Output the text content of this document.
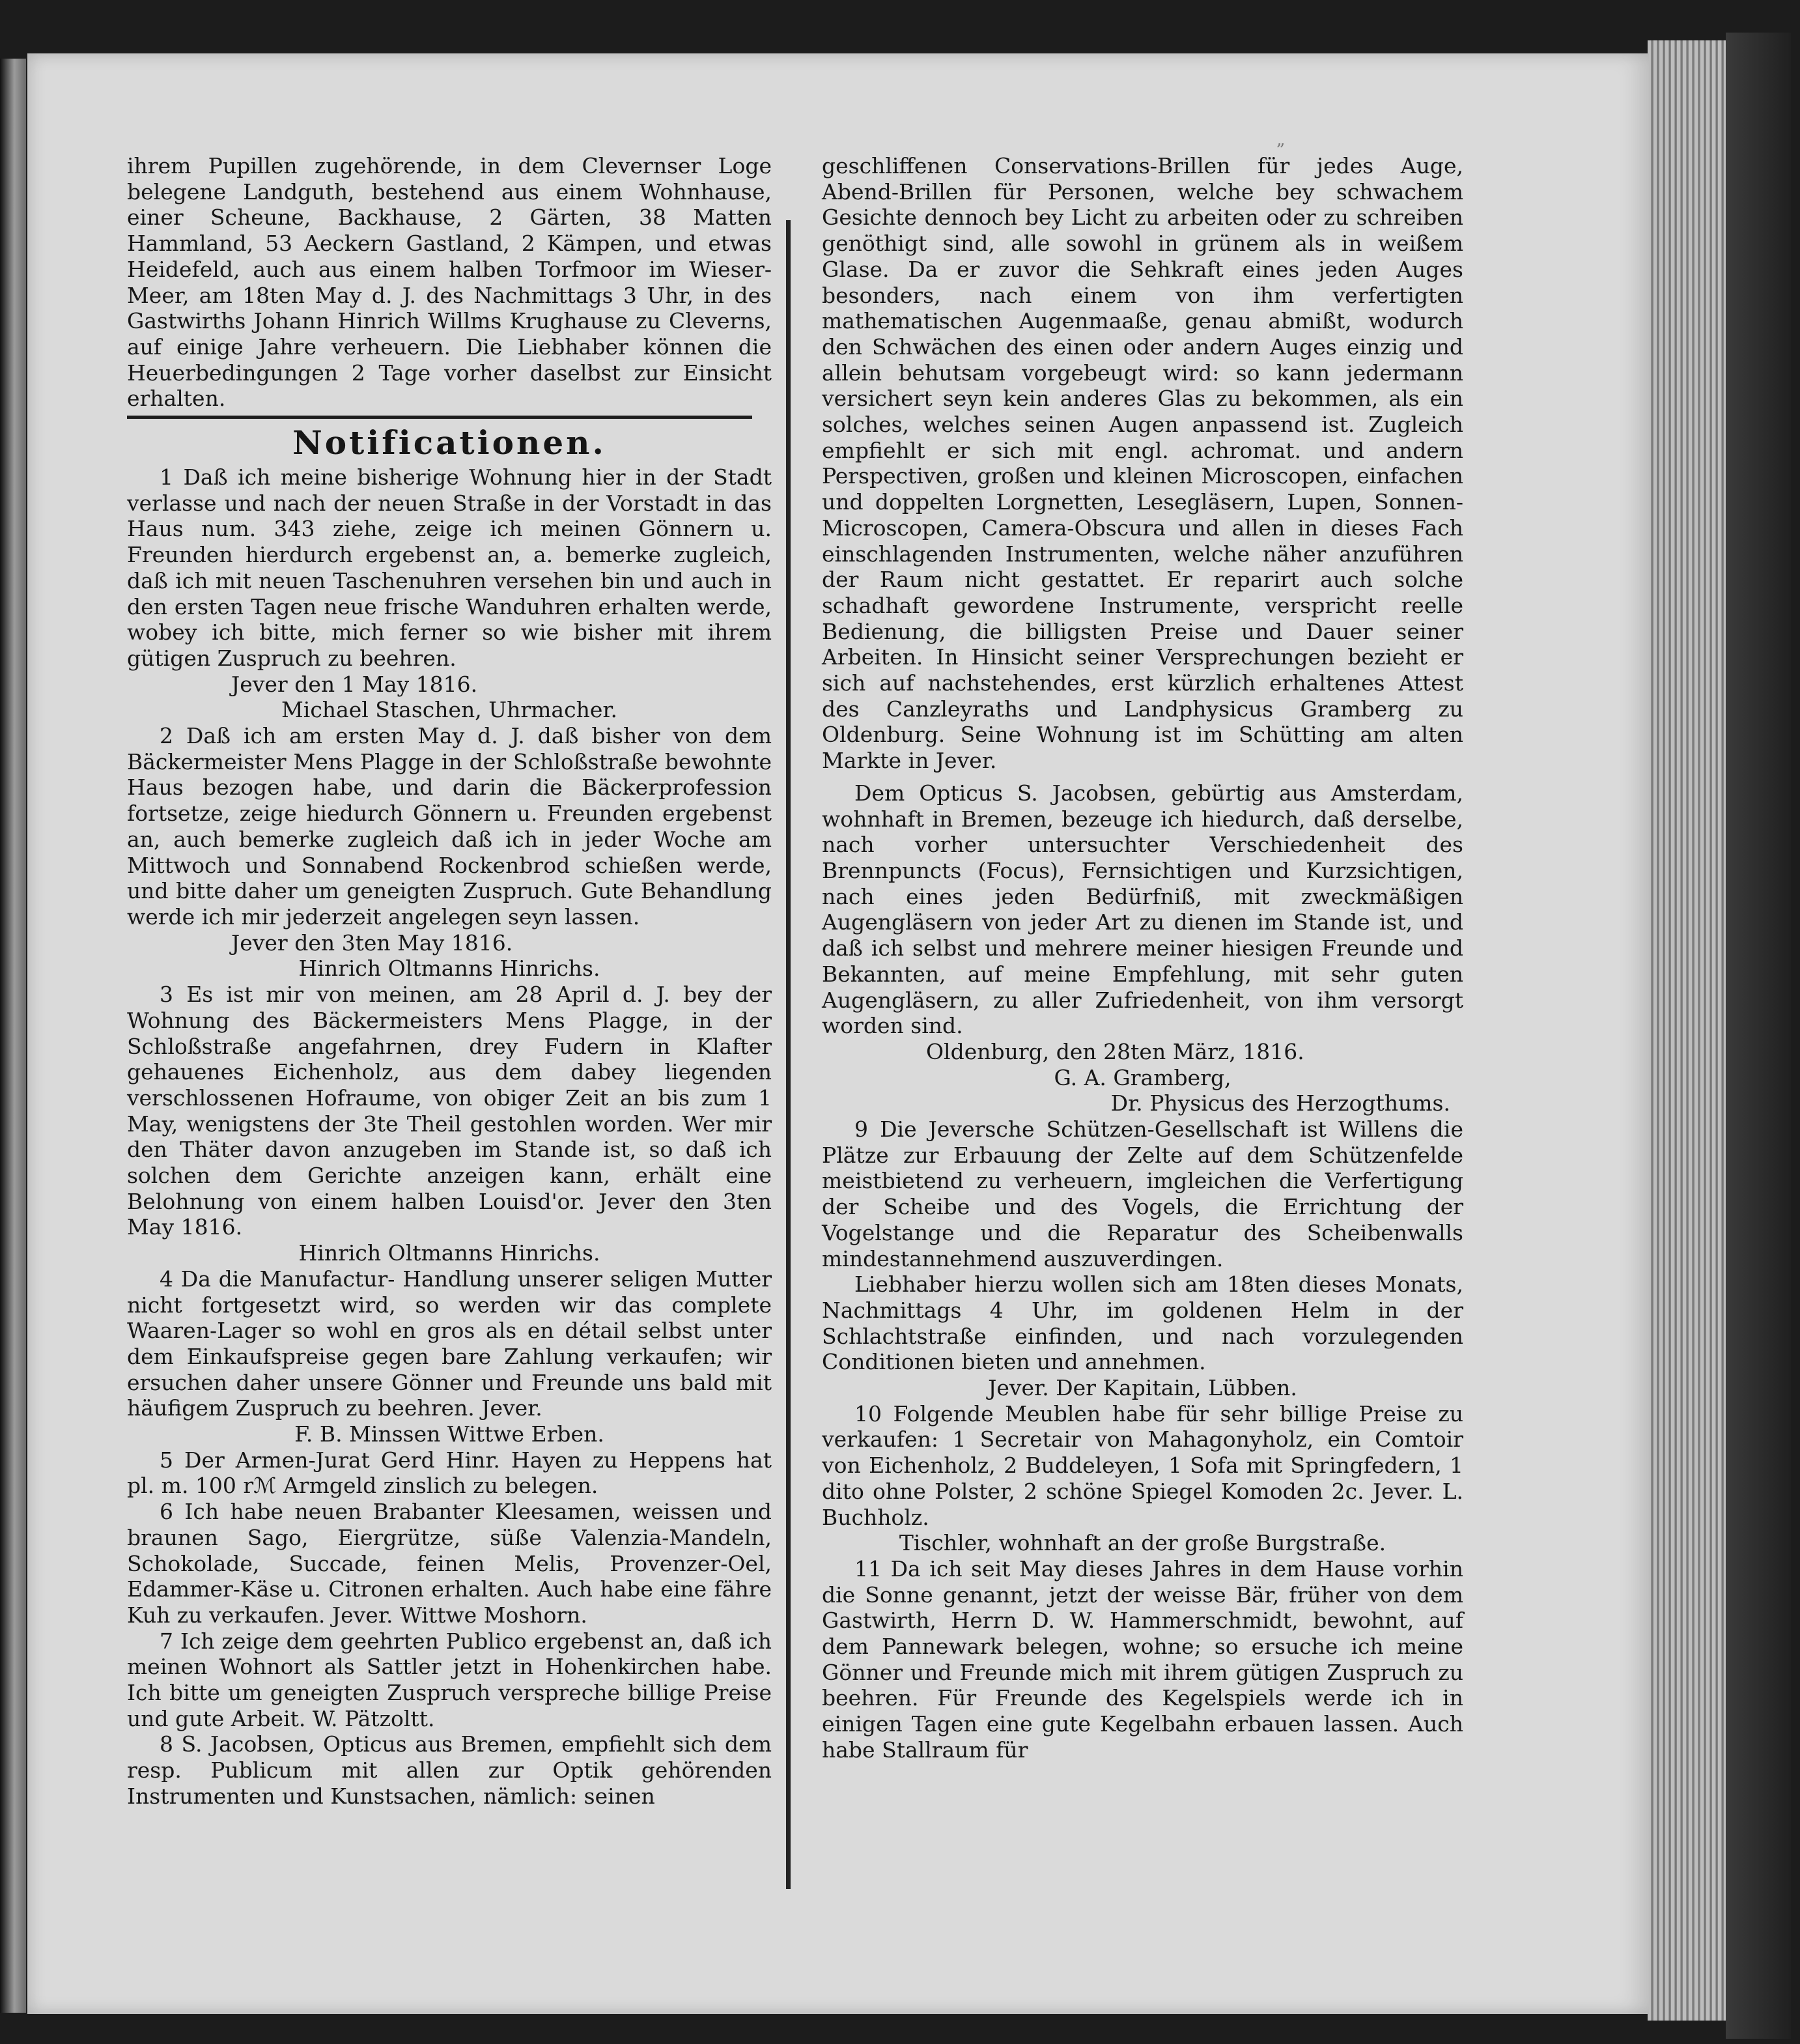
„

ihrem Pupillen zugehörende, in dem Clevernser Loge belegene Landguth, bestehend aus einem Wohnhause, einer Scheune, Backhause, 2 Gärten, 38 Matten Hammland, 53 Aeckern Gastland, 2 Kämpen, und etwas Heidefeld, auch aus einem halben Torfmoor im Wieser-Meer, am 18ten May d. J. des Nachmittags 3 Uhr, in des Gastwirths Johann Hinrich Willms Krughause zu Cleverns, auf einige Jahre verheuern. Die Liebhaber können die Heuerbedingungen 2 Tage vorher daselbst zur Einsicht erhalten.

Notificationen.

1 Daß ich meine bisherige Wohnung hier in der Stadt verlasse und nach der neuen Straße in der Vorstadt in das Haus num. 343 ziehe, zeige ich meinen Gönnern u. Freunden hierdurch ergebenst an, a. bemerke zugleich, daß ich mit neuen Taschenuhren versehen bin und auch in den ersten Tagen neue frische Wanduhren erhalten werde, wobey ich bitte, mich ferner so wie bisher mit ihrem gütigen Zuspruch zu beehren.

Jever den 1 May 1816.

Michael Staschen, Uhrmacher.

2 Daß ich am ersten May d. J. daß bisher von dem Bäckermeister Mens Plagge in der Schloßstraße bewohnte Haus bezogen habe, und darin die Bäckerprofession fortsetze, zeige hiedurch Gönnern u. Freunden ergebenst an, auch bemerke zugleich daß ich in jeder Woche am Mittwoch und Sonnabend Rockenbrod schießen werde, und bitte daher um geneigten Zuspruch. Gute Behandlung werde ich mir jederzeit angelegen seyn lassen.

Jever den 3ten May 1816.

Hinrich Oltmanns Hinrichs.

3 Es ist mir von meinen, am 28 April d. J. bey der Wohnung des Bäckermeisters Mens Plagge, in der Schloßstraße angefahrnen, drey Fudern in Klafter gehauenes Eichenholz, aus dem dabey liegenden verschlossenen Hofraume, von obiger Zeit an bis zum 1 May, wenigstens der 3te Theil gestohlen worden. Wer mir den Thäter davon anzugeben im Stande ist, so daß ich solchen dem Gerichte anzeigen kann, erhält eine Belohnung von einem halben Louisd'or. Jever den 3ten May 1816.

Hinrich Oltmanns Hinrichs.

4 Da die Manufactur- Handlung unserer seligen Mutter nicht fortgesetzt wird, so werden wir das complete Waaren-Lager so wohl en gros als en détail selbst unter dem Einkaufspreise gegen bare Zahlung verkaufen; wir ersuchen daher unsere Gönner und Freunde uns bald mit häufigem Zuspruch zu beehren. Jever.

F. B. Minssen Wittwe Erben.

5 Der Armen-Jurat Gerd Hinr. Hayen zu Heppens hat pl. m. 100 rℳ Armgeld zinslich zu belegen.

6 Ich habe neuen Brabanter Kleesamen, weissen und braunen Sago, Eiergrütze, süße Valenzia-Mandeln, Schokolade, Succade, feinen Melis, Provenzer-Oel, Edammer-Käse u. Citronen erhalten. Auch habe eine fähre Kuh zu verkaufen. Jever. Wittwe Moshorn.

7 Ich zeige dem geehrten Publico ergebenst an, daß ich meinen Wohnort als Sattler jetzt in Hohenkirchen habe. Ich bitte um geneigten Zuspruch versprechе billige Preise und gute Arbeit. W. Pätzoltt.

8 S. Jacobsen, Opticus aus Bremen, empfiehlt sich dem resp. Publicum mit allen zur Optik gehörenden Instrumenten und Kunstsachen, nämlich: seinen

geschliffenen Conservations-Brillen für jedes Auge, Abend-Brillen für Personen, welche bey schwachem Gesichte dennoch bey Licht zu arbeiten oder zu schreiben genöthigt sind, alle sowohl in grünem als in weißem Glase. Da er zuvor die Sehkraft eines jeden Auges besonders, nach einem von ihm verfertigten mathematischen Augenmaaße, genau abmißt, wodurch den Schwächen des einen oder andern Auges einzig und allein behutsam vorgebeugt wird: so kann jedermann versichert seyn kein anderes Glas zu bekommen, als ein solches, welches seinen Augen anpassend ist. Zugleich empfiehlt er sich mit engl. achromat. und andern Perspectiven, großen und kleinen Microscopen, einfachen und doppelten Lorgnetten, Lesegläsern, Lupen, Sonnen-Microscopen, Camera-Obscura und allen in dieses Fach einschlagenden Instrumenten, welche näher anzuführen der Raum nicht gestattet. Er reparirt auch solche schadhaft gewordene Instrumente, verspricht reelle Bedienung, die billigsten Preise und Dauer seiner Arbeiten. In Hinsicht seiner Versprechungen bezieht er sich auf nachstehendes, erst kürzlich erhaltenes Attest des Canzleyraths und Landphysicus Gramberg zu Oldenburg. Seine Wohnung ist im Schütting am alten Markte in Jever.

Dem Opticus S. Jacobsen, gebürtig aus Amsterdam, wohnhaft in Bremen, bezeuge ich hiedurch, daß derselbe, nach vorher untersuchter Verschiedenheit des Brennpuncts (Focus), Fernsichtigen und Kurzsichtigen, nach eines jeden Bedürfniß, mit zweckmäßigen Augengläsern von jeder Art zu dienen im Stande ist, und daß ich selbst und mehrere meiner hiesigen Freunde und Bekannten, auf meine Empfehlung, mit sehr guten Augengläsern, zu aller Zufriedenheit, von ihm versorgt worden sind.

Oldenburg, den 28ten März, 1816.

G. A. Gramberg,

Dr. Physicus des Herzogthums.

9 Die Jeversche Schützen-Gesellschaft ist Willens die Plätze zur Erbauung der Zelte auf dem Schützenfelde meistbietend zu verheuern, imgleichen die Verfertigung der Scheibe und des Vogels, die Errichtung der Vogelstange und die Reparatur des Scheibenwalls mindestannehmend auszuverdingen.

Liebhaber hierzu wollen sich am 18ten dieses Monats, Nachmittags 4 Uhr, im goldenen Helm in der Schlachtstraße einfinden, und nach vorzulegenden Conditionen bieten und annehmen.

Jever. Der Kapitain, Lübben.

10 Folgende Meublen habe für sehr billige Preise zu verkaufen: 1 Secretair von Mahagonyholz, ein Comtoir von Eichenholz, 2 Buddeleyen, 1 Sofa mit Springfedern, 1 dito ohne Polster, 2 schöne Spiegel Komoden 2c. Jever. L. Buchholz.

Tischler, wohnhaft an der große Burgstraße.

11 Da ich seit May dieses Jahres in dem Hause vorhin die Sonne genannt, jetzt der weisse Bär, früher von dem Gastwirth, Herrn D. W. Hammerschmidt, bewohnt, auf dem Pannewark belegen, wohne; so ersuche ich meine Gönner und Freunde mich mit ihrem gütigen Zuspruch zu beehren. Für Freunde des Kegelspiels werde ich in einigen Tagen eine gute Kegelbahn erbauen lassen. Auch habe Stallraum für
